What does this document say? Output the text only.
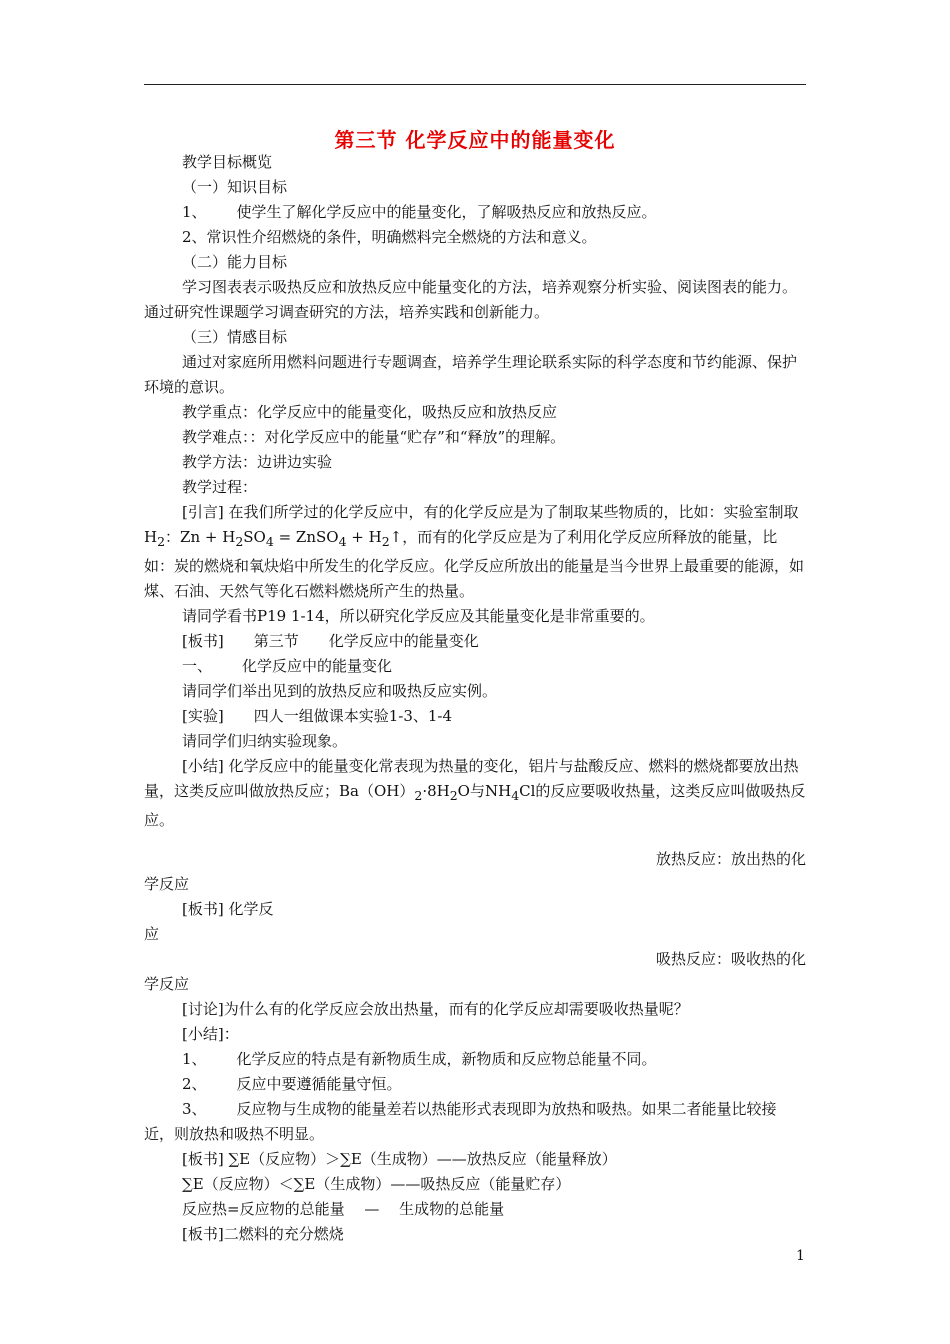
第三节 化学反应中的能量变化

教学目标概览

（一）知识目标

1、 使学生了解化学反应中的能量变化，了解吸热反应和放热反应。

2、常识性介绍燃烧的条件，明确燃料完全燃烧的方法和意义。

（二）能力目标

学习图表表示吸热反应和放热反应中能量变化的方法，培养观察分析实验、阅读图表的能力。通过研究性课题学习调查研究的方法，培养实践和创新能力。

（三）情感目标

通过对家庭所用燃料问题进行专题调查，培养学生理论联系实际的科学态度和节约能源、保护环境的意识。

教学重点：化学反应中的能量变化，吸热反应和放热反应

教学难点：：对化学反应中的能量“贮存”和“释放”的理解。

教学方法：边讲边实验

教学过程：

[引言] 在我们所学过的化学反应中，有的化学反应是为了制取某些物质的，比如：实验室制取$H_2$：$Zn + H_2SO_4$ = ZnSO$_4$ + $H_2↑$，而有的化学反应是为了利用化学反应所释放的能量，比如：炭的燃烧和氧炔焰中所发生的化学反应。化学反应所放出的能量是当今世界上最重要的能源，如煤、石油、天然气等化石燃料燃烧所产生的热量。

请同学看书P19 1-14，所以研究化学反应及其能量变化是非常重要的。

[板书] 第三节 化学反应中的能量变化

一、 化学反应中的能量变化

请同学们举出见到的放热反应和吸热反应实例。

[实验] 四人一组做课本实验1-3、1-4

请同学们归纳实验现象。

[小结] 化学反应中的能量变化常表现为热量的变化，铝片与盐酸反应、燃料的燃烧都要放出热量，这类反应叫做放热反应；$Ba(OH)_2\cdot 8H_2O$与$NH_4Cl$的反应要吸收热量，这类反应叫做吸热反应。

放热反应：放出热的化

学反应

[板书] 化学反

应

吸热反应：吸收热的化

学反应

[讨论]为什么有的化学反应会放出热量，而有的化学反应却需要吸收热量呢？

[小结]：

1、 化学反应的特点是有新物质生成，新物质和反应物总能量不同。

2、 反应中要遵循能量守恒。

3、 反应物与生成物的能量差若以热能形式表现即为放热和吸热。如果二者能量比较接近，则放热和吸热不明显。

[板书] ∑E（反应物）＞∑E（生成物）——放热反应（能量释放）

∑E（反应物）＜∑E（生成物）——吸热反应（能量贮存）

反应热=反应物的总能量　 —　 生成物的总能量

[板书]二燃料的充分燃烧

1
